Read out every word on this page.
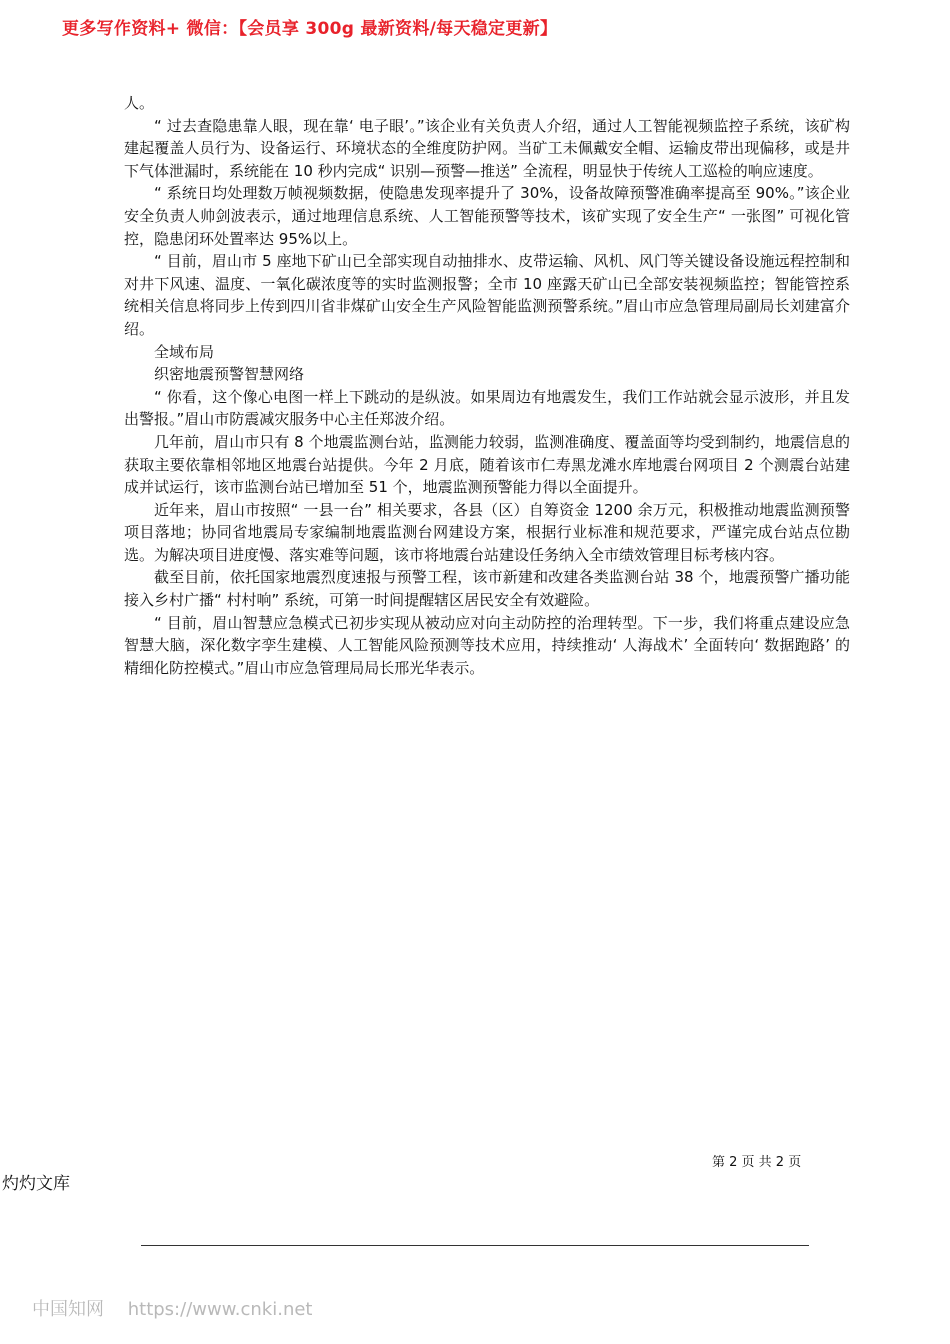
更多写作资料+ 微信：【会员享 300g 最新资料/每天稳定更新】

人。

“ 过去查隐患靠人眼，现在靠‘ 电子眼’。”该企业有关负责人介绍，通过人工智能视频监控子系统，该矿构建起覆盖人员行为、设备运行、环境状态的全维度防护网。当矿工未佩戴安全帽、运输皮带出现偏移，或是井下气体泄漏时，系统能在 10 秒内完成“ 识别—预警—推送” 全流程，明显快于传统人工巡检的响应速度。

“ 系统日均处理数万帧视频数据，使隐患发现率提升了 30%，设备故障预警准确率提高至 90%。”该企业安全负责人帅剑波表示，通过地理信息系统、人工智能预警等技术，该矿实现了安全生产“ 一张图” 可视化管控，隐患闭环处置率达 95%以上。

“ 目前，眉山市 5 座地下矿山已全部实现自动抽排水、皮带运输、风机、风门等关键设备设施远程控制和对井下风速、温度、一氧化碳浓度等的实时监测报警；全市 10 座露天矿山已全部安装视频监控；智能管控系统相关信息将同步上传到四川省非煤矿山安全生产风险智能监测预警系统。”眉山市应急管理局副局长刘建富介绍。

全域布局

织密地震预警智慧网络

“ 你看，这个像心电图一样上下跳动的是纵波。如果周边有地震发生，我们工作站就会显示波形，并且发出警报。”眉山市防震减灾服务中心主任郑波介绍。

几年前，眉山市只有 8 个地震监测台站，监测能力较弱，监测准确度、覆盖面等均受到制约，地震信息的获取主要依靠相邻地区地震台站提供。今年 2 月底，随着该市仁寿黑龙滩水库地震台网项目 2 个测震台站建成并试运行，该市监测台站已增加至 51 个，地震监测预警能力得以全面提升。

近年来，眉山市按照“ 一县一台” 相关要求，各县（区）自筹资金 1200 余万元，积极推动地震监测预警项目落地；协同省地震局专家编制地震监测台网建设方案，根据行业标准和规范要求，严谨完成台站点位勘选。为解决项目进度慢、落实难等问题，该市将地震台站建设任务纳入全市绩效管理目标考核内容。

截至目前，依托国家地震烈度速报与预警工程，该市新建和改建各类监测台站 38 个，地震预警广播功能接入乡村广播“ 村村响” 系统，可第一时间提醒辖区居民安全有效避险。

“ 目前，眉山智慧应急模式已初步实现从被动应对向主动防控的治理转型。下一步，我们将重点建设应急智慧大脑，深化数字孪生建模、人工智能风险预测等技术应用，持续推动‘ 人海战术’ 全面转向‘ 数据跑路’ 的精细化防控模式。”眉山市应急管理局局长邢光华表示。

第 2 页 共 2 页
灼灼文库
中国知网 https://www.cnki.net
